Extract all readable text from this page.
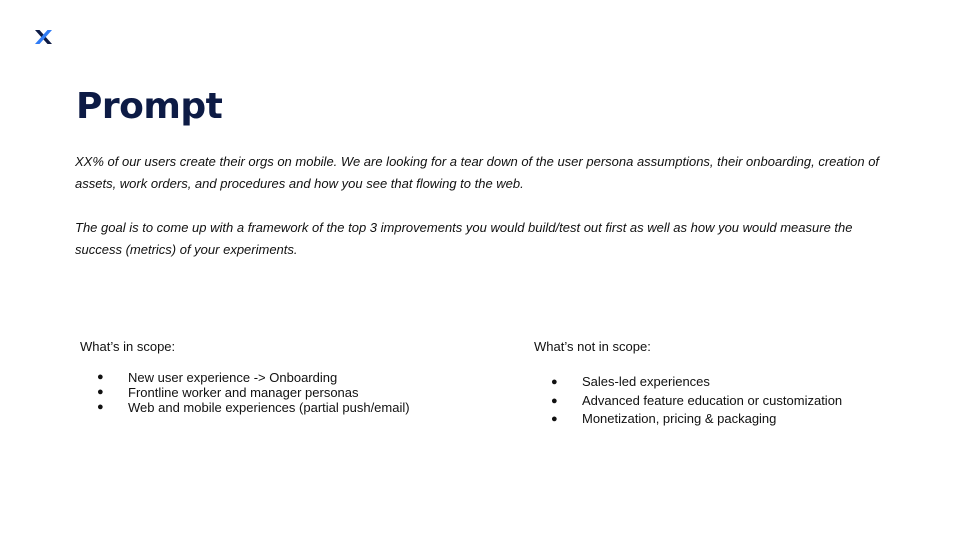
Prompt

XX% of our users create their orgs on mobile. We are looking for a tear down of the user persona assumptions, their onboarding, creation of assets, work orders, and procedures and how you see that flowing to the web.

The goal is to come up with a framework of the top 3 improvements you would build/test out first as well as how you would measure the success (metrics) of your experiments.

What’s in scope:
● New user experience -> Onboarding
● Frontline worker and manager personas
● Web and mobile experiences (partial push/email)
What’s not in scope:
● Sales-led experiences
● Advanced feature education or customization
● Monetization, pricing & packaging
